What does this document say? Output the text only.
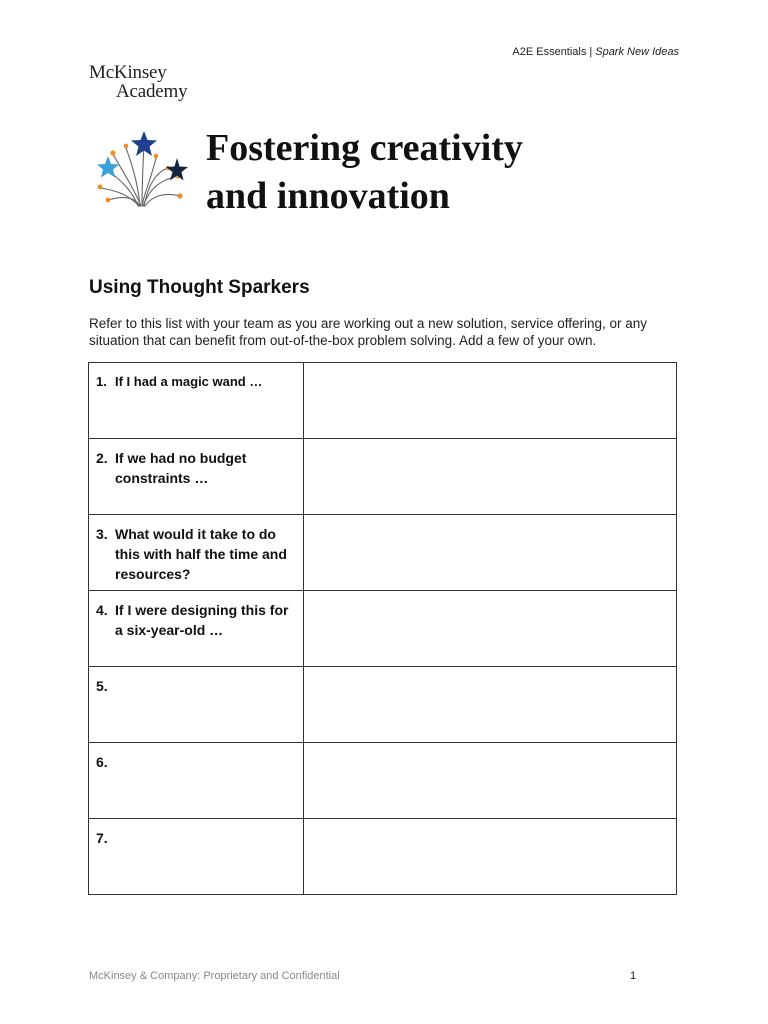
A2E Essentials | Spark New Ideas
McKinsey
Academy
Fostering creativity
and innovation
Using Thought Sparkers
Refer to this list with your team as you are working out a new solution, service offering, or any situation that can benefit from out-of-the-box problem solving. Add a few of your own.
1. If I had a magic wand …	

2. If we had no budget constraints …	

3. What would it take to do this with half the time and resources?	

4. If I were designing this for a six-year-old …	

5.	

6.	

7.	

McKinsey & Company: Proprietary and Confidential	1
